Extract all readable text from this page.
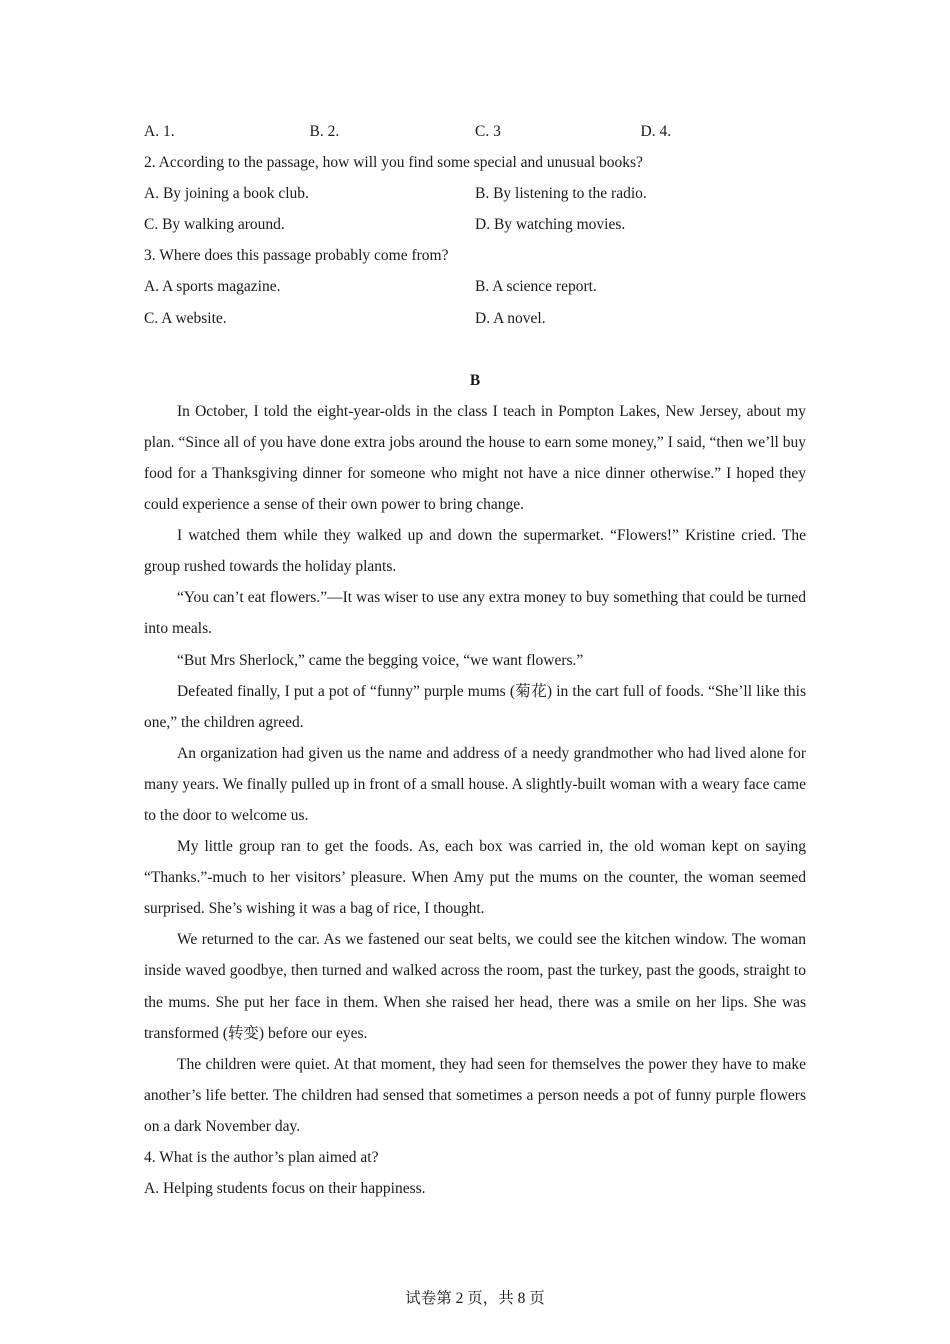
A. 1.	B. 2.	C. 3	D. 4.

2. According to the passage, how will you find some special and unusual books?

A. By joining a book club.	B. By listening to the radio.
C. By walking around.	D. By watching movies.

3. Where does this passage probably come from?

A. A sports magazine.	B. A science report.
C. A website.	D. A novel.
B

In October, I told the eight-year-olds in the class I teach in Pompton Lakes, New Jersey, about my plan. “Since all of you have done extra jobs around the house to earn some money,” I said, “then we’ll buy food for a Thanksgiving dinner for someone who might not have a nice dinner otherwise.” I hoped they could experience a sense of their own power to bring change.

I watched them while they walked up and down the supermarket. “Flowers!” Kristine cried. The group rushed towards the holiday plants.

“You can’t eat flowers.”—It was wiser to use any extra money to buy something that could be turned into meals.

“But Mrs Sherlock,” came the begging voice, “we want flowers.”

Defeated finally, I put a pot of “funny” purple mums (菊花) in the cart full of foods. “She’ll like this one,” the children agreed.

An organization had given us the name and address of a needy grandmother who had lived alone for many years. We finally pulled up in front of a small house. A slightly-built woman with a weary face came to the door to welcome us.

My little group ran to get the foods. As, each box was carried in, the old woman kept on saying “Thanks.”-much to her visitors’ pleasure. When Amy put the mums on the counter, the woman seemed surprised. She’s wishing it was a bag of rice, I thought.

We returned to the car. As we fastened our seat belts, we could see the kitchen window. The woman inside waved goodbye, then turned and walked across the room, past the turkey, past the goods, straight to the mums. She put her face in them. When she raised her head, there was a smile on her lips. She was transformed (转变) before our eyes.

The children were quiet. At that moment, they had seen for themselves the power they have to make another’s life better. The children had sensed that sometimes a person needs a pot of funny purple flowers on a dark November day.

4. What is the author’s plan aimed at?

A. Helping students focus on their happiness.

试卷第 2 页，共 8 页
